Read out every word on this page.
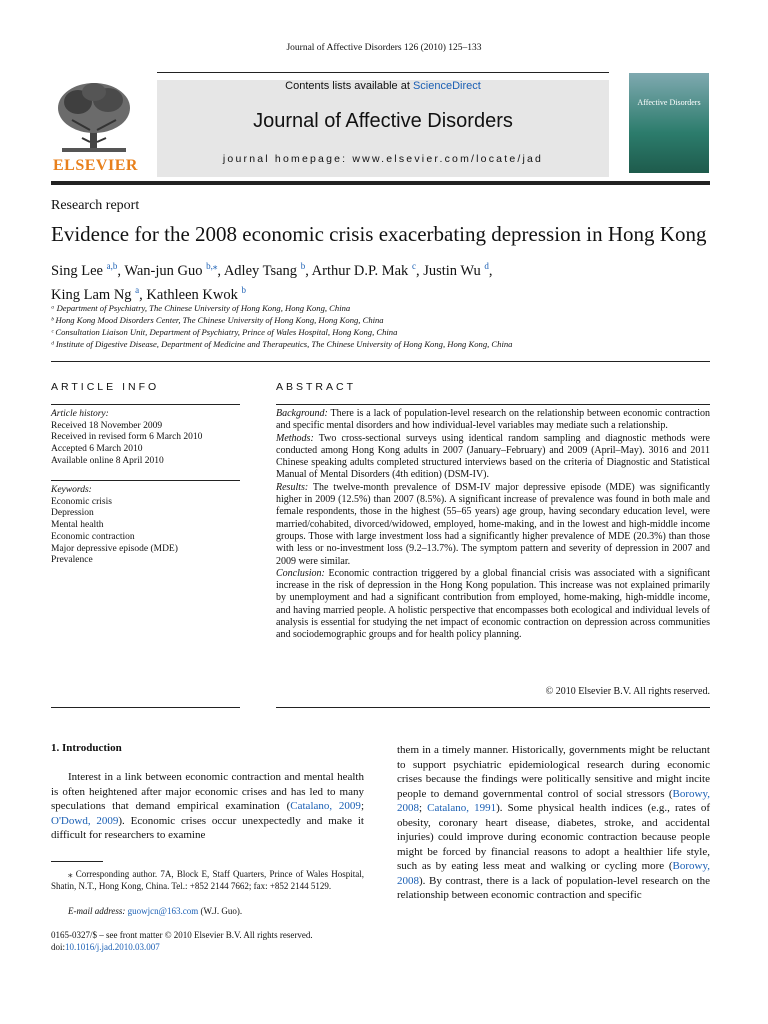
Journal of Affective Disorders 126 (2010) 125–133
ELSEVIER
Contents lists available at ScienceDirect
Journal of Affective Disorders
journal homepage: www.elsevier.com/locate/jad
Affective Disorders
Research report
Evidence for the 2008 economic crisis exacerbating depression in Hong Kong
Sing Lee $^{a,b}$, Wan-jun Guo $^{b,⁎}$, Adley Tsang $^b$, Arthur D.P. Mak $^c$, Justin Wu $^d$,
King Lam Ng $^a$, Kathleen Kwok $^b$
ᵃ Department of Psychiatry, The Chinese University of Hong Kong, Hong Kong, China
ᵇ Hong Kong Mood Disorders Center, The Chinese University of Hong Kong, Hong Kong, China
ᶜ Consultation Liaison Unit, Department of Psychiatry, Prince of Wales Hospital, Hong Kong, China
ᵈ Institute of Digestive Disease, Department of Medicine and Therapeutics, The Chinese University of Hong Kong, Hong Kong, China
ARTICLE INFO
Article history:
Received 18 November 2009
Received in revised form 6 March 2010
Accepted 6 March 2010
Available online 8 April 2010
Keywords:
Economic crisis
Depression
Mental health
Economic contraction
Major depressive episode (MDE)
Prevalence
ABSTRACT
Background: There is a lack of population-level research on the relationship between economic contraction and specific mental disorders and how individual-level variables may mediate such a relationship.
Methods: Two cross-sectional surveys using identical random sampling and diagnostic methods were conducted among Hong Kong adults in 2007 (January–February) and 2009 (April–May). 3016 and 2011 Chinese speaking adults completed structured interviews based on the criteria of Diagnostic and Statistical Manual of Mental Disorders (4th edition) (DSM-IV).
Results: The twelve-month prevalence of DSM-IV major depressive episode (MDE) was significantly higher in 2009 (12.5%) than 2007 (8.5%). A significant increase of prevalence was found in both male and female respondents, those in the highest (55–65 years) age group, having secondary education level, were married/cohabited, divorced/widowed, employed, home-making, and in the lowest and high-middle income groups. Those with large investment loss had a significantly higher prevalence of MDE (20.3%) than those with less or no-investment loss (9.2–13.7%). The symptom pattern and severity of depression in 2007 and 2009 were similar.
Conclusion: Economic contraction triggered by a global financial crisis was associated with a significant increase in the risk of depression in the Hong Kong population. This increase was not explained primarily by unemployment and had a significant contribution from employed, home-making, high-middle income, and having married people. A holistic perspective that encompasses both ecological and individual levels of analysis is essential for studying the net impact of economic contraction on depression across communities and sociodemographic groups and for health policy planning.
© 2010 Elsevier B.V. All rights reserved.
1. Introduction
Interest in a link between economic contraction and mental health is often heightened after major economic crises and has led to many speculations that demand empirical examination (Catalano, 2009; O'Dowd, 2009). Economic crises occur unexpectedly and make it difficult for researchers to examine
them in a timely manner. Historically, governments might be reluctant to support psychiatric epidemiological research during economic crises because the findings were politically sensitive and might incite people to demand governmental control of social stressors (Borowy, 2008; Catalano, 1991). Some physical health indices (e.g., rates of obesity, coronary heart disease, diabetes, stroke, and accidental injuries) could improve during economic contraction because people might be forced by financial reasons to adopt a healthier life style, such as by eating less meat and walking or cycling more (Borowy, 2008). By contrast, there is a lack of population-level research on the relationship between economic contraction and specific
⁎ Corresponding author. 7A, Block E, Staff Quarters, Prince of Wales Hospital, Shatin, N.T., Hong Kong, China. Tel.: +852 2144 7662; fax: +852 2144 5129.
E-mail address: guowjcn@163.com (W.J. Guo).
0165-0327/$ – see front matter © 2010 Elsevier B.V. All rights reserved.
doi:10.1016/j.jad.2010.03.007
